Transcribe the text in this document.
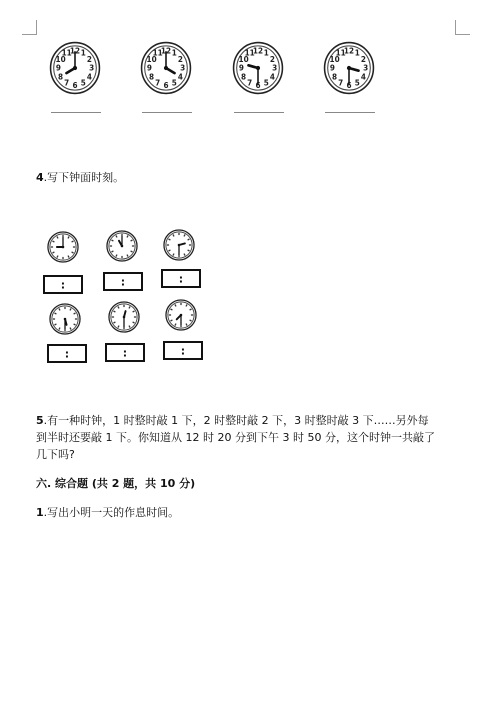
1
2
3
4
5
6
7
8
9
10
11
12	1
2
3
4
5
6
7
8
9
10
11
12	1
2
3
4
5
6
7
8
9
10
11
12	1
2
3
4
5
6
7
8
9
10
11
12

4.写下钟面时刻。

:	:	:
:	:	:

5.有一种时钟，1 时整时敲 1 下，2 时整时敲 2 下，3 时整时敲 3 下……另外每
到半时还要敲 1 下。你知道从 12 时 20 分到下午 3 时 50 分，这个时钟一共敲了
几下吗?

六. 综合题 (共 2 题，共 10 分)

1.写出小明一天的作息时间。
